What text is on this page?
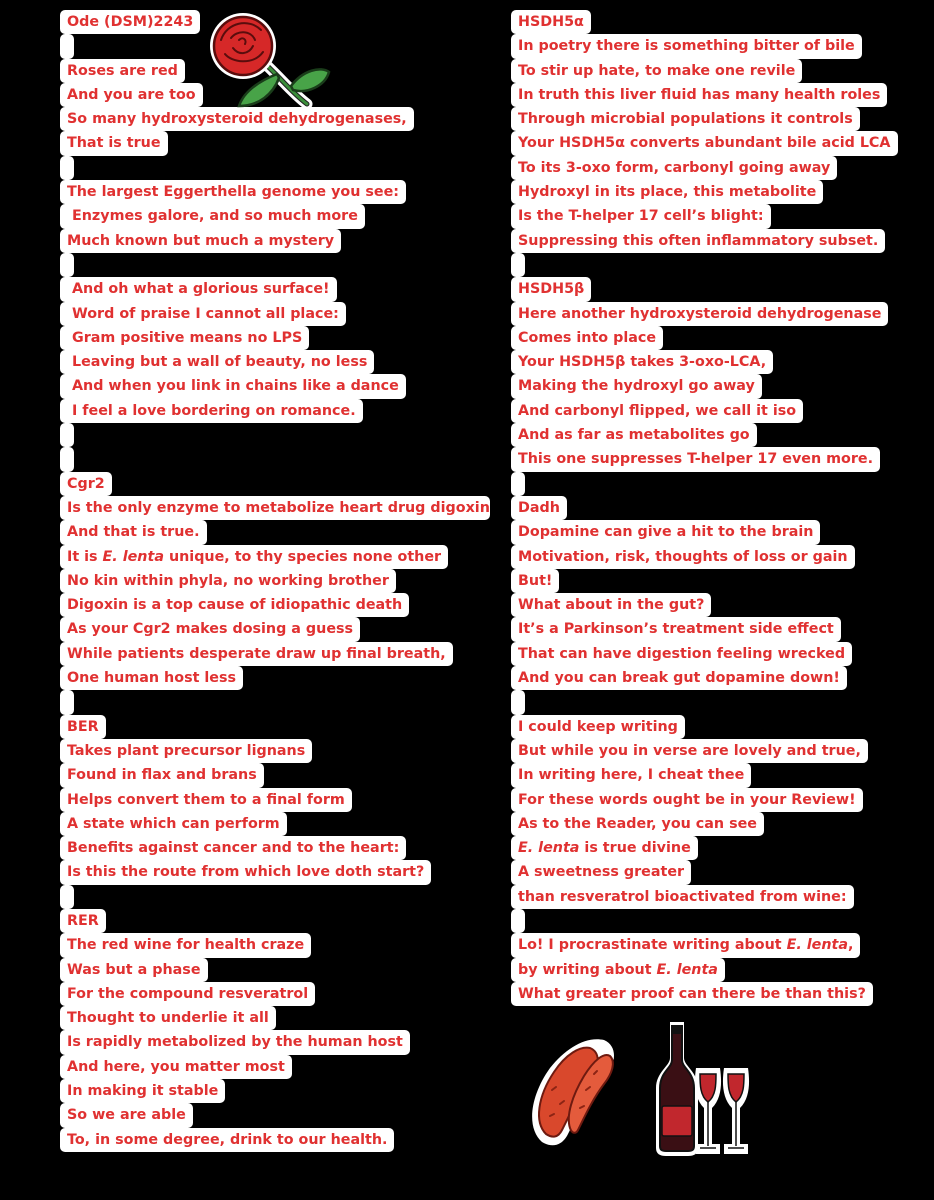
Ode (DSM)2243
Roses are red
And you are too
So many hydroxysteroid dehydrogenases,
That is true
The largest Eggerthella genome you see:
Enzymes galore, and so much more
Much known but much a mystery
And oh what a glorious surface!
Word of praise I cannot all place:
Gram positive means no LPS
Leaving but a wall of beauty, no less
And when you link in chains like a dance
I feel a love bordering on romance.
Cgr2
Is the only enzyme to metabolize heart drug digoxin
And that is true.
It is E. lenta unique, to thy species none other
No kin within phyla, no working brother
Digoxin is a top cause of idiopathic death
As your Cgr2 makes dosing a guess
While patients desperate draw up final breath,
One human host less
BER
Takes plant precursor lignans
Found in flax and brans
Helps convert them to a final form
A state which can perform
Benefits against cancer and to the heart:
Is this the route from which love doth start?
RER
The red wine for health craze
Was but a phase
For the compound resveratrol
Thought to underlie it all
Is rapidly metabolized by the human host
And here, you matter most
In making it stable
So we are able
To, in some degree, drink to our health.
HSDH5α
In poetry there is something bitter of bile
To stir up hate, to make one revile
In truth this liver fluid has many health roles
Through microbial populations it controls
Your HSDH5α converts abundant bile acid LCA
To its 3-oxo form, carbonyl going away
Hydroxyl in its place, this metabolite
Is the T-helper 17 cell’s blight:
Suppressing this often inflammatory subset.
HSDH5β
Here another hydroxysteroid dehydrogenase
Comes into place
Your HSDH5β takes 3-oxo-LCA,
Making the hydroxyl go away
And carbonyl flipped, we call it iso
And as far as metabolites go
This one suppresses T-helper 17 even more.
Dadh
Dopamine can give a hit to the brain
Motivation, risk, thoughts of loss or gain
But!
What about in the gut?
It’s a Parkinson’s treatment side effect
That can have digestion feeling wrecked
And you can break gut dopamine down!
I could keep writing
But while you in verse are lovely and true,
In writing here, I cheat thee
For these words ought be in your Review!
As to the Reader, you can see
E. lenta is true divine
A sweetness greater
than resveratrol bioactivated from wine:
Lo! I procrastinate writing about E. lenta,
by writing about E. lenta
What greater proof can there be than this?
